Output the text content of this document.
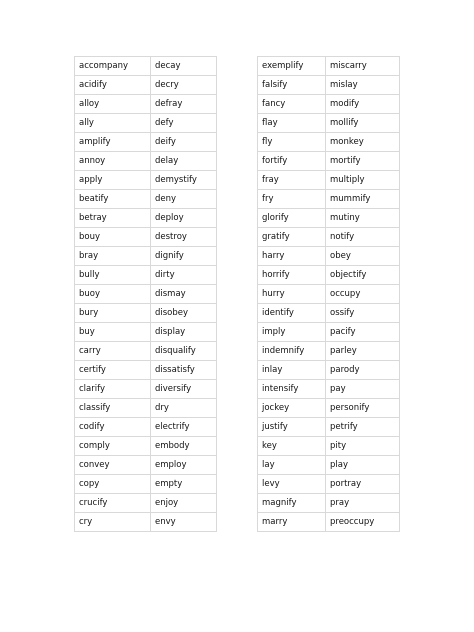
accompany	decay
acidify	decry
alloy	defray
ally	defy
amplify	deify
annoy	delay
apply	demystify
beatify	deny
betray	deploy
bouy	destroy
bray	dignify
bully	dirty
buoy	dismay
bury	disobey
buy	display
carry	disqualify
certify	dissatisfy
clarify	diversify
classify	dry
codify	electrify
comply	embody
convey	employ
copy	empty
crucify	enjoy
cry	envy
exemplify	miscarry
falsify	mislay
fancy	modify
flay	mollify
fly	monkey
fortify	mortify
fray	multiply
fry	mummify
glorify	mutiny
gratify	notify
harry	obey
horrify	objectify
hurry	occupy
identify	ossify
imply	pacify
indemnify	parley
inlay	parody
intensify	pay
jockey	personify
justify	petrify
key	pity
lay	play
levy	portray
magnify	pray
marry	preoccupy
